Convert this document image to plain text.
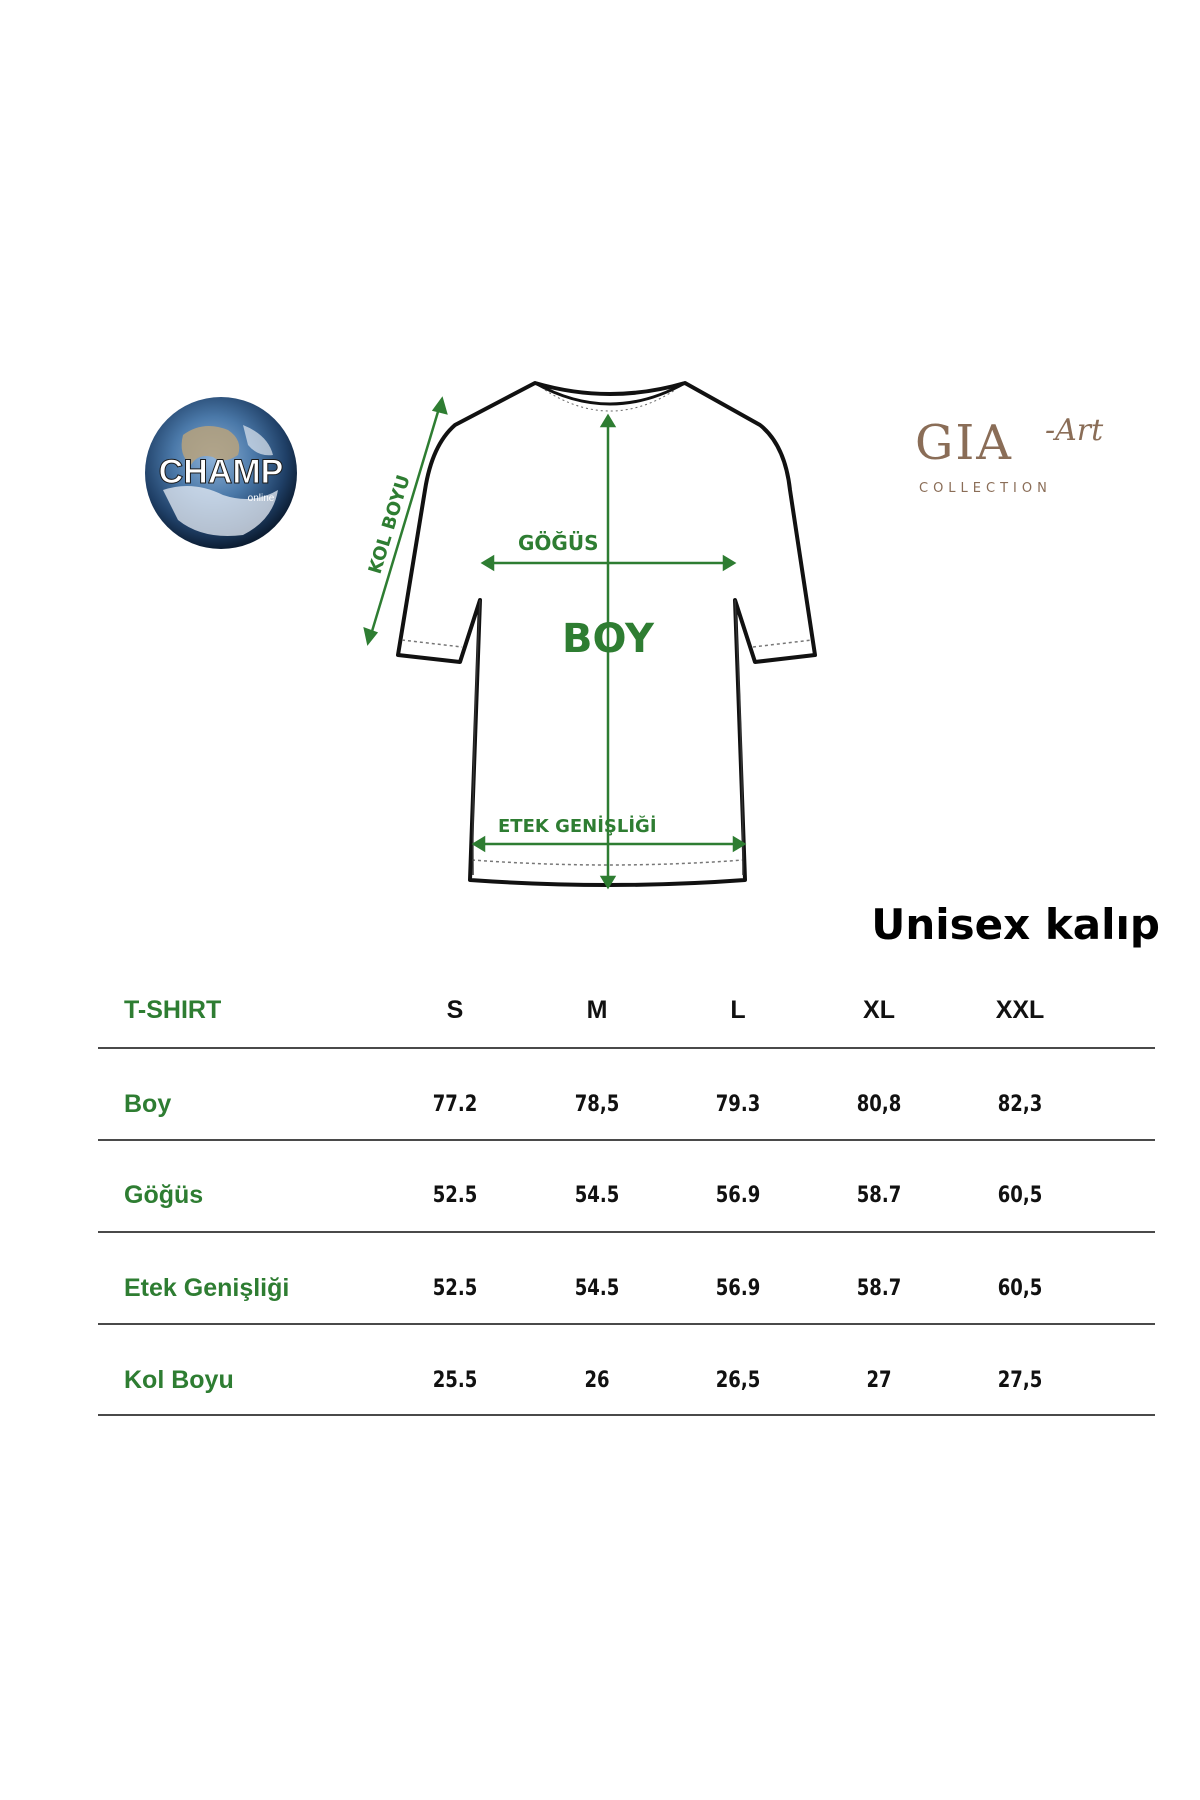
CHAMP
online
GIA -Art
COLLECTION
BOY
GÖĞÜS
ETEK GENİŞLİĞİ
KOL BOYU
Unisex kalıp
T-SHIRT	S	M	L	XL	XXL
Boy	77.2	78,5	79.3	80,8	82,3
Göğüs	52.5	54.5	56.9	58.7	60,5
Etek Genişliği	52.5	54.5	56.9	58.7	60,5
Kol Boyu	25.5	26	26,5	27	27,5
